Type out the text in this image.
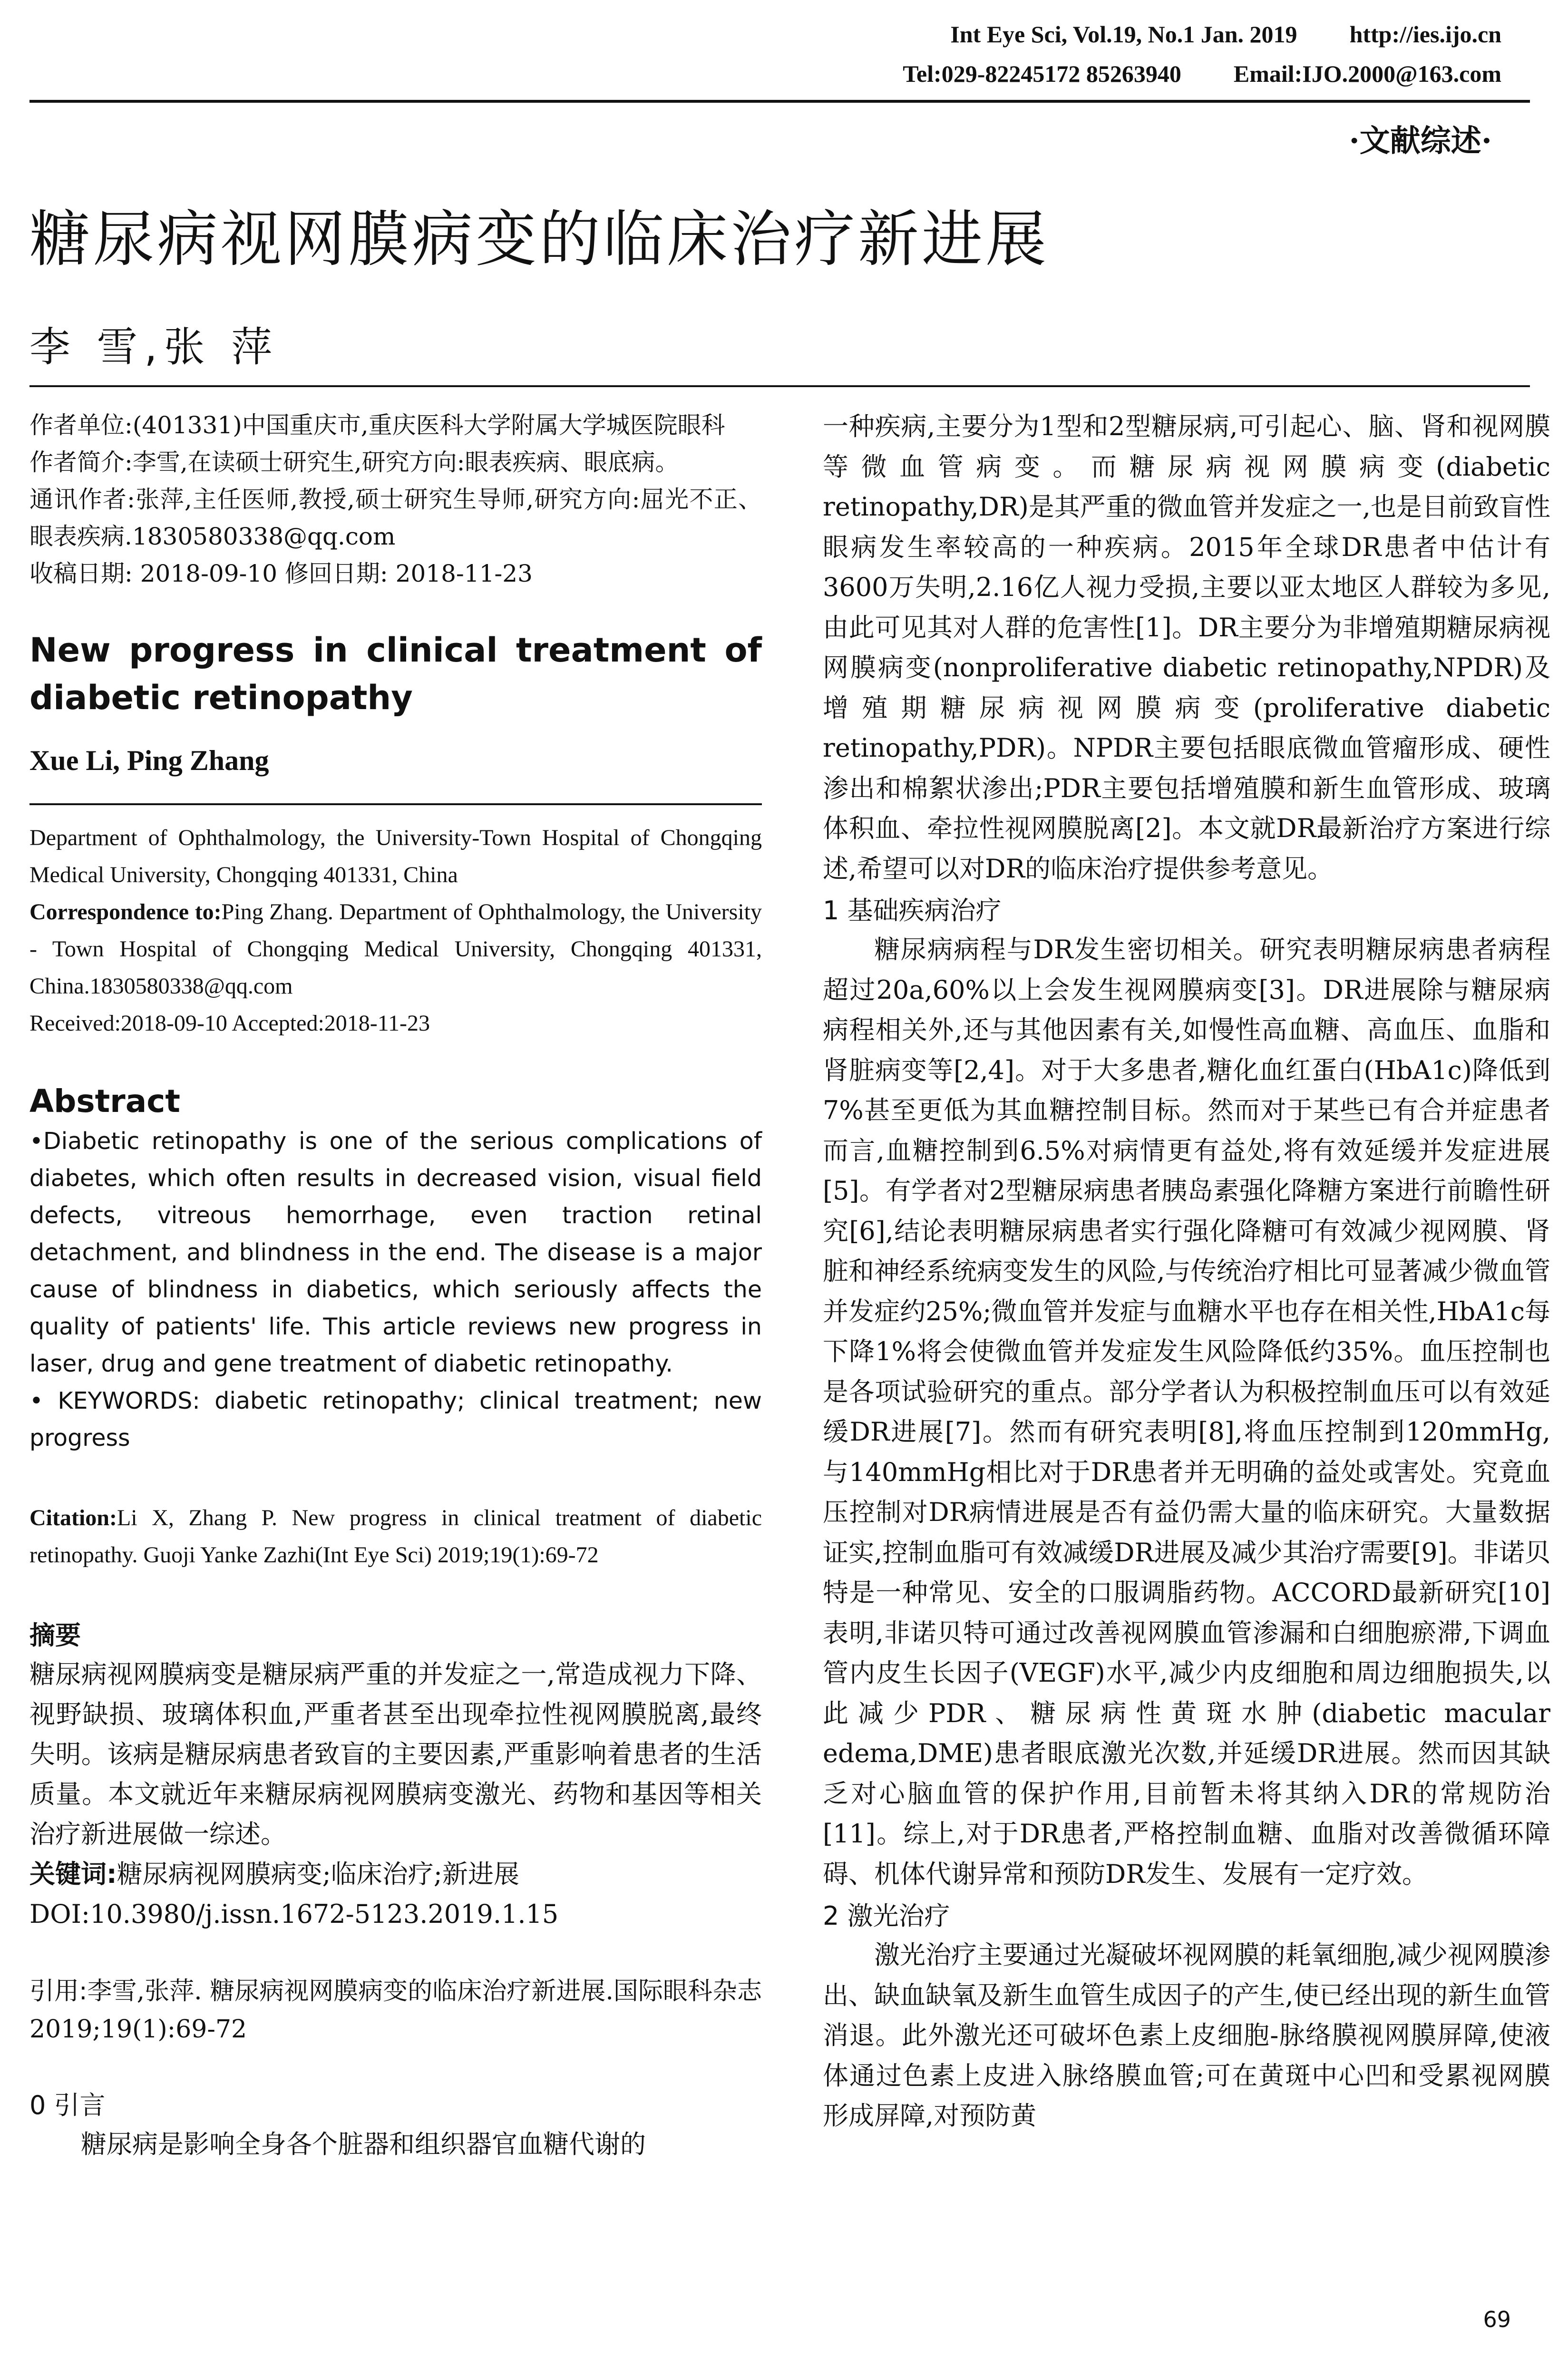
Int Eye Sci, Vol.19, No.1 Jan. 2019 http://ies.ijo.cn
Tel:029-82245172 85263940 Email:IJO.2000@163.com
·文献综述·
糖尿病视网膜病变的临床治疗新进展
李 雪,张 萍
作者单位:(401331)中国重庆市,重庆医科大学附属大学城医院眼科
作者简介:李雪,在读硕士研究生,研究方向:眼表疾病、眼底病。
通讯作者:张萍,主任医师,教授,硕士研究生导师,研究方向:屈光不正、眼表疾病.1830580338@qq.com
收稿日期: 2018-09-10 修回日期: 2018-11-23
New progress in clinical treatment of diabetic retinopathy
Xue Li, Ping Zhang
Department of Ophthalmology, the University-Town Hospital of Chongqing Medical University, Chongqing 401331, China
Correspondence to:Ping Zhang. Department of Ophthalmology, the University - Town Hospital of Chongqing Medical University, Chongqing 401331, China.1830580338@qq.com
Received:2018-09-10 Accepted:2018-11-23
Abstract
•Diabetic retinopathy is one of the serious complications of diabetes, which often results in decreased vision, visual field defects, vitreous hemorrhage, even traction retinal detachment, and blindness in the end. The disease is a major cause of blindness in diabetics, which seriously affects the quality of patients' life. This article reviews new progress in laser, drug and gene treatment of diabetic retinopathy.
• KEYWORDS: diabetic retinopathy; clinical treatment; new progress
Citation:Li X, Zhang P. New progress in clinical treatment of diabetic retinopathy. Guoji Yanke Zazhi(Int Eye Sci) 2019;19(1):69-72
摘要
糖尿病视网膜病变是糖尿病严重的并发症之一,常造成视力下降、视野缺损、玻璃体积血,严重者甚至出现牵拉性视网膜脱离,最终失明。该病是糖尿病患者致盲的主要因素,严重影响着患者的生活质量。本文就近年来糖尿病视网膜病变激光、药物和基因等相关治疗新进展做一综述。
关键词:糖尿病视网膜病变;临床治疗;新进展
DOI:10.3980/j.issn.1672-5123.2019.1.15
引用:李雪,张萍. 糖尿病视网膜病变的临床治疗新进展.国际眼科杂志 2019;19(1):69-72
0 引言
糖尿病是影响全身各个脏器和组织器官血糖代谢的
一种疾病,主要分为1型和2型糖尿病,可引起心、脑、肾和视网膜等微血管病变。而糖尿病视网膜病变(diabetic retinopathy,DR)是其严重的微血管并发症之一,也是目前致盲性眼病发生率较高的一种疾病。2015年全球DR患者中估计有3600万失明,2.16亿人视力受损,主要以亚太地区人群较为多见,由此可见其对人群的危害性[1]。DR主要分为非增殖期糖尿病视网膜病变(nonproliferative diabetic retinopathy,NPDR)及增殖期糖尿病视网膜病变(proliferative diabetic retinopathy,PDR)。NPDR主要包括眼底微血管瘤形成、硬性渗出和棉絮状渗出;PDR主要包括增殖膜和新生血管形成、玻璃体积血、牵拉性视网膜脱离[2]。本文就DR最新治疗方案进行综述,希望可以对DR的临床治疗提供参考意见。
1 基础疾病治疗
糖尿病病程与DR发生密切相关。研究表明糖尿病患者病程超过20a,60%以上会发生视网膜病变[3]。DR进展除与糖尿病病程相关外,还与其他因素有关,如慢性高血糖、高血压、血脂和肾脏病变等[2,4]。对于大多患者,糖化血红蛋白(HbA1c)降低到7%甚至更低为其血糖控制目标。然而对于某些已有合并症患者而言,血糖控制到6.5%对病情更有益处,将有效延缓并发症进展[5]。有学者对2型糖尿病患者胰岛素强化降糖方案进行前瞻性研究[6],结论表明糖尿病患者实行强化降糖可有效减少视网膜、肾脏和神经系统病变发生的风险,与传统治疗相比可显著减少微血管并发症约25%;微血管并发症与血糖水平也存在相关性,HbA1c每下降1%将会使微血管并发症发生风险降低约35%。血压控制也是各项试验研究的重点。部分学者认为积极控制血压可以有效延缓DR进展[7]。然而有研究表明[8],将血压控制到120mmHg,与140mmHg相比对于DR患者并无明确的益处或害处。究竟血压控制对DR病情进展是否有益仍需大量的临床研究。大量数据证实,控制血脂可有效减缓DR进展及减少其治疗需要[9]。非诺贝特是一种常见、安全的口服调脂药物。ACCORD最新研究[10]表明,非诺贝特可通过改善视网膜血管渗漏和白细胞瘀滞,下调血管内皮生长因子(VEGF)水平,减少内皮细胞和周边细胞损失,以此减少PDR、糖尿病性黄斑水肿(diabetic macular edema,DME)患者眼底激光次数,并延缓DR进展。然而因其缺乏对心脑血管的保护作用,目前暂未将其纳入DR的常规防治[11]。综上,对于DR患者,严格控制血糖、血脂对改善微循环障碍、机体代谢异常和预防DR发生、发展有一定疗效。
2 激光治疗
激光治疗主要通过光凝破坏视网膜的耗氧细胞,减少视网膜渗出、缺血缺氧及新生血管生成因子的产生,使已经出现的新生血管消退。此外激光还可破坏色素上皮细胞-脉络膜视网膜屏障,使液体通过色素上皮进入脉络膜血管;可在黄斑中心凹和受累视网膜形成屏障,对预防黄
69
